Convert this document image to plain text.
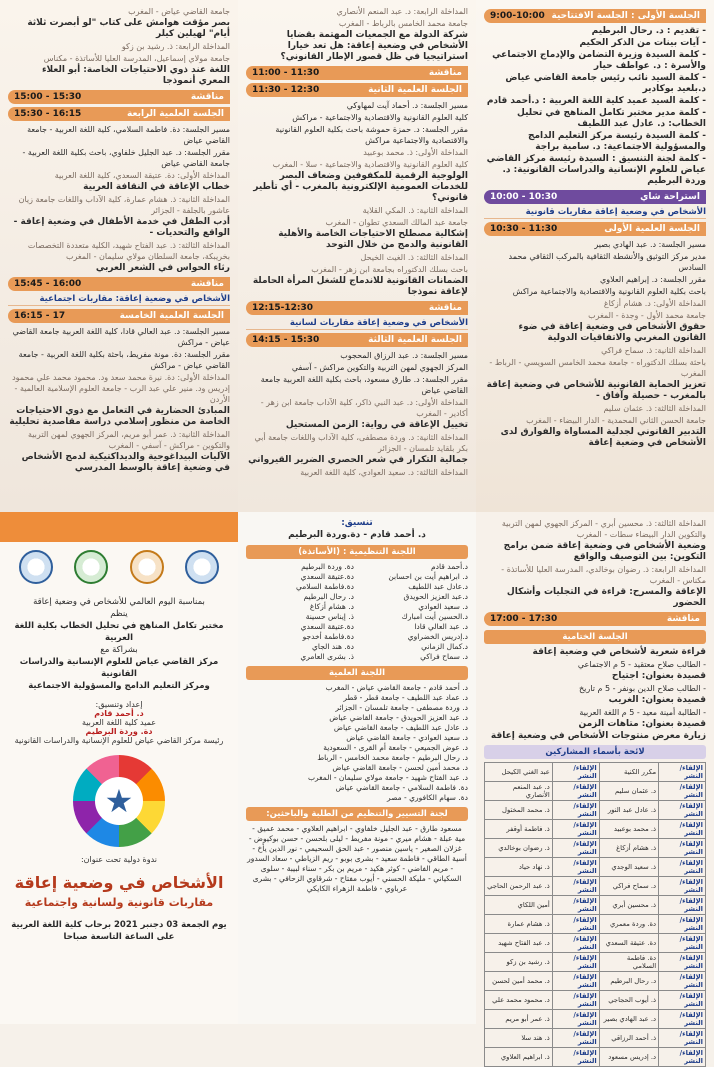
الجلسة الأولى : الجلسة الافتتاحية
9:00-10:00
- تقديم : د. رحال البرطيم
- آيات بينات من الذكر الحكيم
- كلمة السيدة وزيرة التضامن والإدماج الاجتماعي والأسرة : د. عواطف حيار
- كلمة السيد نائب رئيس جامعة القاضي عياض د.بلعيد بوكادير
- كلمة السيد عميد كلية اللغة العربية : د.أحمد قادم
- كلمة مدير مختبر تكامل المناهج في تحليل الخطاب: د. عادل عبد اللطيف
- كلمة السيدة رئيسة مركز التعليم الدامج والمسؤولية الاجتماعية: د. سامية براجة
- كلمة لجنة التنسيق : السيدة رئيسة مركز القاضي عياض للعلوم الإنسانية والدراسات القانونية: د. وردة البرطيم
استراحة شاي
10:00 - 10:30
الأشخاص في وضعية إعاقة مقاربات قانونية
الجلسة العلمية الأولى
10:30 - 11:30
مسير الجلسة: د. عبد الهادي بصير
مدير مركز التوثيق والأنشطة الثقافية بالمركب الثقافي محمد السادس
مقرر الجلسة: د. إبراهيم العلاوي
باحث بكلية العلوم القانونية والاقتصادية والاجتماعية مراكش
المداخلة الأولى: د. هشام أزكاغ
جامعة محمد الأول - وجدة - المغرب
حقوق الأشخاص في وضعية إعاقة في ضوء القانون المغربي والاتفاقيات الدولية
المداخلة الثانية: ذ. سماح فراكي
باحثة بسلك الدكتوراه - جامعة محمد الخامس السويسي - الرباط - المغرب
تعزيز الحماية القانونية للأشخاص في وضعية إعاقة بالمغرب - حصيلة وآفاق -
المداخلة الثالثة: ذ. عثمان سليم
جامعة الحسن الثاني المحمدية - الدار البيضاء - المغرب
التدبير القانوني لجدلية المساواة والفوارق لدى الأشخاص في وضعية إعاقة
المداخلة الرابعة: د. عبد المنعم الأنصاري
جامعة محمد الخامس بالرباط - المغرب
شركة الدولة مع الجمعيات المهتمة بقضايا الأشخاص في وضعية إعاقة: هل تعد خيارا استراتيجيا في ظل قصور الإطار القانوني؟
مناقشة
11:00 - 11:30
الجلسة العلمية الثانية
11:30 - 12:30
مسير الجلسة: د. أحماد آيت لمهاوكي
كلية العلوم القانونية والاقتصادية والاجتماعية - مراكش
مقرر الجلسة: د. حمزة حموشة باحث بكلية العلوم القانونية والاقتصادية والاجتماعية مراكش
المداخلة الأولى: ذ. محمد بوعبيد
كلية العلوم القانونية والاقتصادية والاجتماعية - سلا - المغرب
الولوجية الرقمية للمكفوفين وضعاف البصر للخدمات العمومية الإلكترونية بالمغرب - أي تأطير قانوني؟
المداخلة الثانية: ذ. المكي القلاية
جامعة عبد المالك السعدي تطوان - المغرب
إشكالية مصطلح الاحتياجات الخاصة والأهلية القانونية والدمج من خلال التوحد
المداخلة الثالثة: ذ. الغيث الخيحل
باحث بسلك الدكتوراه بجامعة ابن زهر - المغرب
الضمانات القانونية للاندماج للشغل المرأة الحاملة لإعاقة نموذجا
مناقشة
12:15-12:30
الأشخاص في وضعية إعاقة مقاربات لسانية
الجلسة العلمية الثالثة
14:15 - 15:30
مسير الجلسة: د. عبد الرزاق المحجوب
المركز الجهوي لمهن التربية والتكوين مراكش - آسفي
مقرر الجلسة: د. طارق مسعود، باحث بكلية اللغة العربية جامعة القاضي عياض
المداخلة الأولى: د. عبد النبي ذاكر، كلية الآداب جامعة ابن زهر - أكادير - المغرب
تخييل الإعاقة في رواية: الزمن المستحيل
المداخلة الثانية: د. وردة مصطفى، كلية الآداب واللغات جامعة أبي بكر بلقايد تلمسان - الجزائر
جمالية التكرار في شعر الحصري الضرير القيرواني
المداخلة الثالثة: د. سعيد العوادي، كلية اللغة العربية
جامعة القاضي عياض - المغرب
بصر مؤقت هوامش على كتاب "لو أبصرت ثلاثة أيام" لهيلين كيلر
المداخلة الرابعة: ذ. رشيد بن زكو
جامعة مولاي إسماعيل، المدرسة العليا للأساتذة - مكناس
اللغة عند ذوي الاحتياجات الخاصة: أبو العلاء المعري أنموذجا
مناقشة
15:00 - 15:30
الجلسة العلمية الرابعة
15:30 - 16:15
مسير الجلسة: دة. فاطمة السلامي، كلية اللغة العربية - جامعة القاضي عياض
مقرر الجلسة: د. عبد الجليل خلفاوي، باحث بكلية اللغة العربية - جامعة القاضي عياض
المداخلة الأولى: دة. عتيقة السعدي، كلية اللغة العربية
خطاب الإعاقة في النقافة العربية
المداخلة الثانية: ذ. هشام عمارة، كلية الآداب واللغات جامعة زيان عاشور بالجلفة - الجزائر
أدب الطفل في خدمة الأطفال في وضعية إعاقة - الواقع والتحديات -
المداخلة الثالثة: ذ. عبد الفتاح شهيد، الكلية متعددة التخصصات بخريبكة، جامعة السلطان مولاي سليمان - المغرب
رثاء الحواس في الشعر العربي
مناقشة
15:45 - 16:00
الأشخاص في وضعية إعاقة: مقاربات اجتماعية
الجلسة العلمية الخامسة
16:15 - 17
مسير الجلسة: د. عبد العالي قادا، كلية اللغة العربية جامعة القاضي عياض - مراكش
مقرر الجلسة: دة. مونة مفريط، باحثة بكلية اللغة العربية - جامعة القاضي عياض - مراكش
المداخلة الأولى: دة. نيرة محمد سعد ود. محمود محمد علي محمود إدريس ود. منير علي عبد الرب - جامعة العلوم الإسلامية العالمية - الأردن
المبادئ الحضارية في التعامل مع ذوي الاحتياجات الخاصة من منظور إسلامي دراسة مقاصدية تحليلية
المداخلة الثانية: ذ. عمر أبو مريم، المركز الجهوي لمهن التربية والتكوين - مراكش - آسفي - المغرب
الآليات البيداغوجية والديداكتيكية لدمج الأشخاص في وضعية إعاقة بالوسط المدرسي
بمناسبة اليوم العالمي للأشخاص في وضعية إعاقة
ينظم
مختبر تكامل المناهج في تحليل الخطاب بكلية اللغة العربية
بشراكة مع
مركز القاضي عياض للعلوم الإنسانية والدراسات القانونية
ومركز التعليم الدامج والمسؤولية الاجتماعية
إعداد وتنسيق:
د. أحمد قادم
عميد كلية اللغة العربية
دة. وردة البرطيم
رئيسة مركز القاضي عياض للعلوم الإنسانية والدراسات القانونية
★
ندوة دولية تحت عنوان:
الأشخاص في وضعية إعاقة
مقاربات قانونية ولسانية واجتماعية
يوم الجمعة 03 دجنبر 2021 برحاب كلية اللغة العربية
على الساعة التاسعة صباحا
تنسيق:
د. أحمد قادم - دة.وردة البرطيم
اللجنة التنظيمية : (الأساتذة)
د.أحمد قادم
د. ابراهيم أيت بن احسابن
د.عادل عبد اللطيف
د.عبد العزيز الحويدق
د. سعيد العوادي
د.الحسين أيت امبارك
د. عبد العالي قادا
د.إدريس الخضراوي
د.كمال الزماني
د. سماح فراكي
دة. وردة البرطيم
دة.عتيقة السعدي
دة.فاطمة السلامي
د. رحال البرطيم
د. هشام أزكاغ
ذ. إيناس حسينة
دة.عتيقة السعدي
دة.فاطمة أخدجو
دة. هند الجاي
ذ. بشرى العامري
اللجنة العلمية
د. أحمد قادم - جامعة القاضي عياض - المغرب
د. عماد عبد اللطيف - جامعة قطر - قطر
د. وردة مصطفى - جامعة تلمسان - الجزائر
د. عبد العزيز الحويدق - جامعة القاضي عياض
د. عادل عبد اللطيف - جامعة القاضي عياض
د. سعيد العوادي - جامعة القاضي عياض
د. عوض الجميعي - جامعة أم القرى - السعودية
د. رحال البرطيم - جامعة محمد الخامس - الرباط
د. محمد أمين لحسن - جامعة القاضي عياض
د. عبد الفتاح شهيد - جامعة مولاي سليمان - المغرب
دة. فاطمة السلامي - جامعة القاضي عياض
دة. سهام الكافوري - مصر
لجنة التسيير والتنظيم من الطلبة والباحثين:
مسعود طارق - عبد الجليل خلفاوي - ابراهيم العلاوي - محمد عميق - مية عبلة - هشام ميري - مونة مفريط - ليلى بلحسن - حسن بوكيوض - غزلان الصغير - ياسين منصور - عبد الحق السحيمي - نور الدين يأخ - أسية الطاقي - فاطمة سعيد - بشرى بوبو - ريم الزياطي - سعاد السدور - مريم الفاضي - كوثر هكيد - مريم بن بكر - سناء لبيبة - سلوى السكياني - مليكة الحسني - أيوب مفتاح - شرقاوي الزحافي - بشرى عرباوي - فاطمة الزهراء الكايكي
المداخلة الثالثة: ذ. محسين أبري - المركز الجهوي لمهن التربية والتكوين الدار البيضاء سطات - المغرب
وضعية الأشخاص في وضعية إعاقة ضمن برامج التكوين: بين التوصيف والواقع
المداخلة الرابعة: ذ. رضوان بوخالدي، المدرسة العليا للأساتذة - مكناس - المغرب
الإعاقة والمسرح: قراءة في التجليات وأشكال الحضور
مناقشة
17:00 - 17:30
الجلسة الختامية
قراءة شعرية لأشخاص في وضعية إعاقة
- الطالب صلاح معتقيد - 5 م الاجتماعي
قصيدة بعنوان: اجتياح
- الطالب صلاح الدين بونفر - 5 م تاريخ
قصيدة بعنوان: الغريب
- الطالبة أمينة معيد - 5 م اللغة العربية
قصيدة بعنوان: متاهات الزمن
زيارة معرض منتوجات الأشخاص في وضعية إعاقة
لائحة بأسماء المشاركين
الإلقاء/النشر	مكرر الكنية	الإلقاء/النشر	عبد الغني الكيحل
الإلقاء/النشر	د. عثمان سليم	الإلقاء/النشر	د. عبد المنعم الأنصاري
الإلقاء/النشر	ذ. عادل عبد النور	الإلقاء/النشر	ذ. محمد المختول
الإلقاء/النشر	ذ. محمد بوعبيد	الإلقاء/النشر	ذ. فاطمة أوقفر
الإلقاء/النشر	ذ. هشام أزكاغ	الإلقاء/النشر	ذ. رضوان بوخالدي
الإلقاء/النشر	ذ. سعيد الوجدي	الإلقاء/النشر	ذ. نهاد حياد
الإلقاء/النشر	د. سماح فراكي	الإلقاء/النشر	ذ. عبد الرحمن الحاجي
الإلقاء/النشر	ذ. محسين أبري	الإلقاء/النشر	أمين اللكاي
الإلقاء/النشر	دة. وردة معمري	الإلقاء/النشر	ذ. هشام عمارة
الإلقاء/النشر	دة. عتيقة السعدي	الإلقاء/النشر	د. عبد الفتاح شهيد
الإلقاء/النشر	دة. فاطمة السلامي	الإلقاء/النشر	ذ. رشيد بن زكو
الإلقاء/النشر	د. رحال البرطيم	الإلقاء/النشر	د. محمد أمين لحسن
الإلقاء/النشر	ذ. أيوب الحجاجي	الإلقاء/النشر	د. محمود محمد علي
الإلقاء/النشر	د. عبد الهادي بصير	الإلقاء/النشر	ذ. عمر أبو مريم
الإلقاء/النشر	ذ. أحمد الرزاقي	الإلقاء/النشر	ذ. هند سلا
الإلقاء/النشر	د. إدريس مسعود	الإلقاء/النشر	ذ. ابراهيم العلاوي
